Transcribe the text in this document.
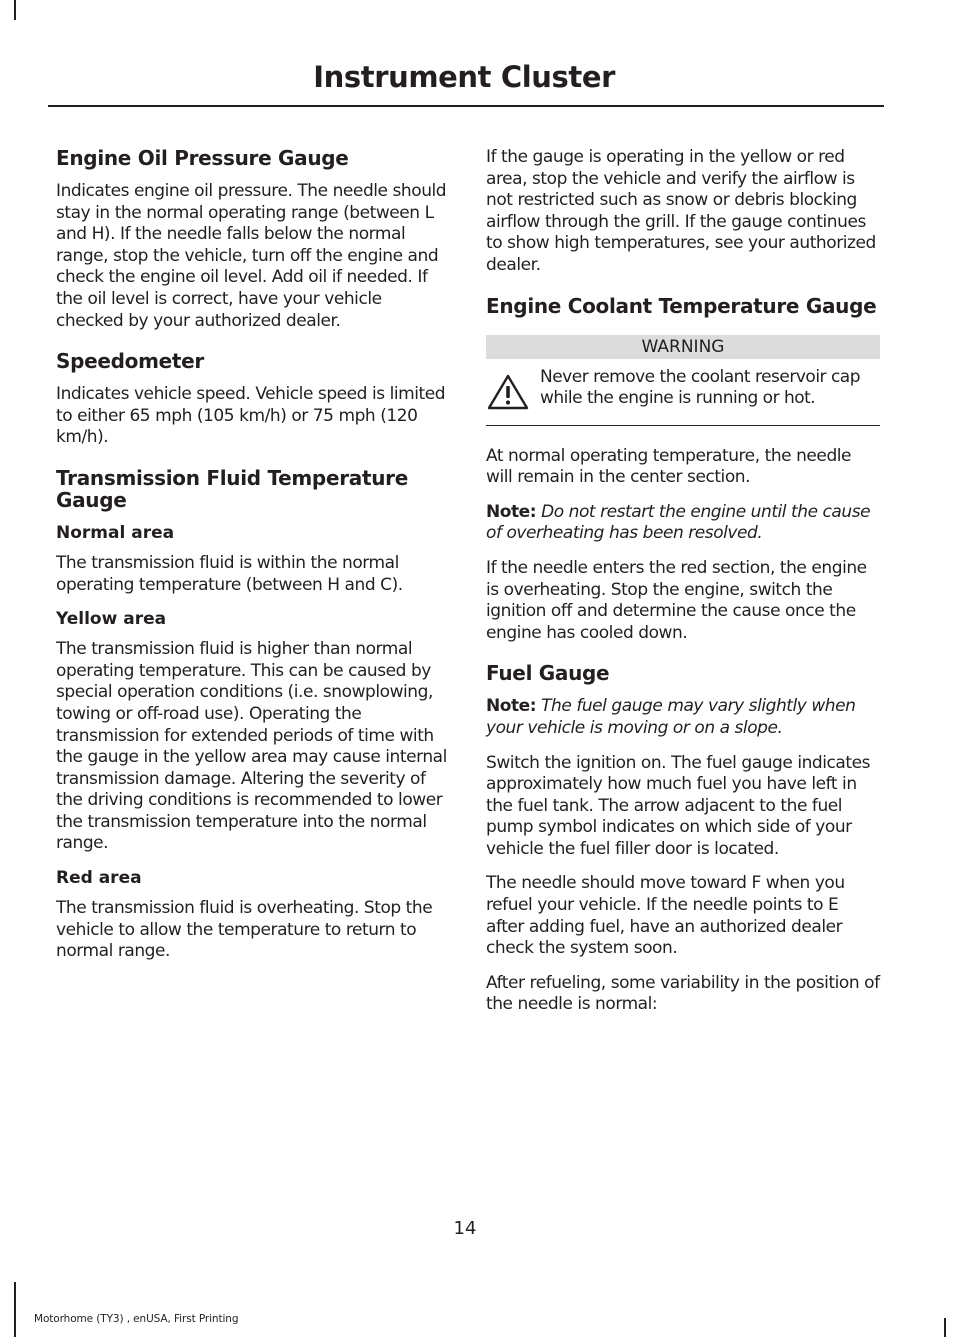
Instrument Cluster
Engine Oil Pressure Gauge

Indicates engine oil pressure. The needle should stay in the normal operating range (between L and H). If the needle falls below the normal range, stop the vehicle, turn off the engine and check the engine oil level. Add oil if needed. If the oil level is correct, have your vehicle checked by your authorized dealer.

Speedometer

Indicates vehicle speed. Vehicle speed is limited to either 65 mph (105 km/h) or 75 mph (120 km/h).

Transmission Fluid Temperature Gauge
Normal area

The transmission fluid is within the normal operating temperature (between H and C).

Yellow area

The transmission fluid is higher than normal operating temperature. This can be caused by special operation conditions (i.e. snowplowing, towing or off-road use). Operating the transmission for extended periods of time with the gauge in the yellow area may cause internal transmission damage. Altering the severity of the driving conditions is recommended to lower the transmission temperature into the normal range.

Red area

The transmission fluid is overheating. Stop the vehicle to allow the temperature to return to normal range.

If the gauge is operating in the yellow or red area, stop the vehicle and verify the airflow is not restricted such as snow or debris blocking airflow through the grill. If the gauge continues to show high temperatures, see your authorized dealer.

Engine Coolant Temperature Gauge
WARNING

Never remove the coolant reservoir cap while the engine is running or hot.

At normal operating temperature, the needle will remain in the center section.

Note: Do not restart the engine until the cause of overheating has been resolved.

If the needle enters the red section, the engine is overheating. Stop the engine, switch the ignition off and determine the cause once the engine has cooled down.

Fuel Gauge

Note: The fuel gauge may vary slightly when your vehicle is moving or on a slope.

Switch the ignition on. The fuel gauge indicates approximately how much fuel you have left in the fuel tank. The arrow adjacent to the fuel pump symbol indicates on which side of your vehicle the fuel filler door is located.

The needle should move toward F when you refuel your vehicle. If the needle points to E after adding fuel, have an authorized dealer check the system soon.

After refueling, some variability in the position of the needle is normal:

14
Motorhome (TY3) , enUSA, First Printing
